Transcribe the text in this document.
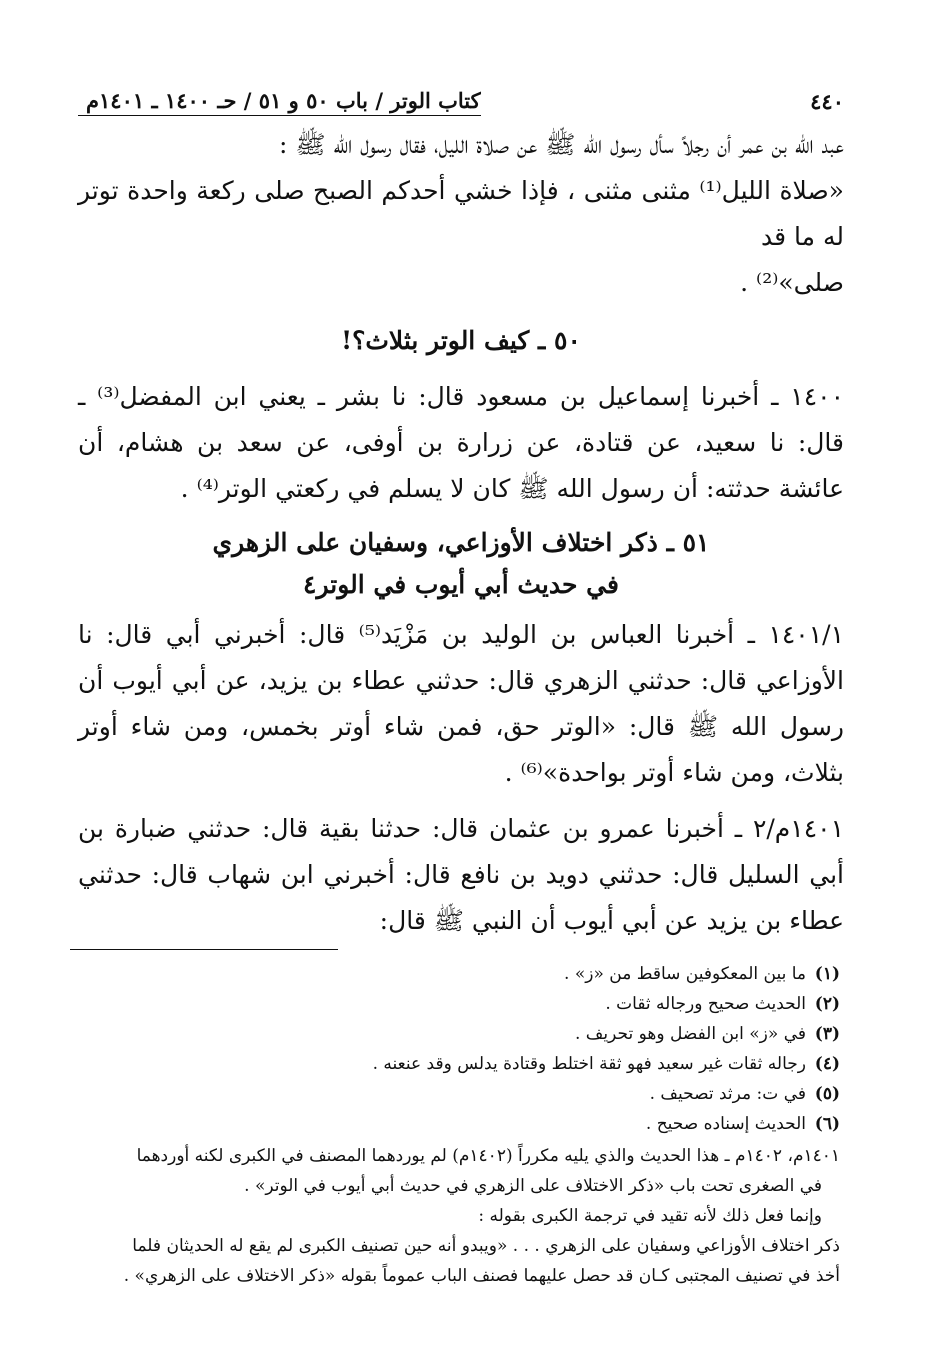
٤٤٠
كتاب الوتر / باب ٥٠ و ٥١ / حـ ١٤٠٠ ـ ١٤٠١م

عبد الله بن عمر أن رجلاً سأل رسول الله ﷺ عن صلاة الليل، فقال رسول الله ﷺ :

«صلاة الليل⁽¹⁾ مثنى مثنى ، فإذا خشي أحدكم الصبح صلى ركعة واحدة توتر له ما قد

صلى»⁽²⁾ .

٥٠ ـ كيف الوتر بثلاث؟!

١٤٠٠ ـ أخبرنا إسماعيل بن مسعود قال: نا بشر ـ يعني ابن المفضل⁽³⁾ ـ قال: نا سعيد، عن قتادة، عن زرارة بن أوفى، عن سعد بن هشام، أن عائشة حدثته: أن رسول الله ﷺ كان لا يسلم في ركعتي الوتر⁽⁴⁾ .

٥١ ـ ذكر اختلاف الأوزاعي، وسفيان على الزهري
في حديث أبي أيوب في الوتر٤

١٤٠١/١ ـ أخبرنا العباس بن الوليد بن مَزْيَد⁽⁵⁾ قال: أخبرني أبي قال: نا الأوزاعي قال: حدثني الزهري قال: حدثني عطاء بن يزيد، عن أبي أيوب أن رسول الله ﷺ قال: «الوتر حق، فمن شاء أوتر بخمس، ومن شاء أوتر بثلاث، ومن شاء أوتر بواحدة»⁽⁶⁾ .

١٤٠١م/٢ ـ أخبرنا عمرو بن عثمان قال: حدثنا بقية قال: حدثني ضبارة بن أبي السليل قال: حدثني دويد بن نافع قال: أخبرني ابن شهاب قال: حدثني عطاء بن يزيد عن أبي أيوب أن النبي ﷺ قال:

(١)ما بين المعكوفين ساقط من «ز» .

(٢)الحديث صحيح ورجاله ثقات .

(٣)في «ز» ابن الفضل وهو تحريف .

(٤)رجاله ثقات غير سعيد فهو ثقة اختلط وقتادة يدلس وقد عنعنه .

(٥)في ت: مرثد تصحيف .

(٦)الحديث إسناده صحيح .

١٤٠١م، ١٤٠٢م ـ هذا الحديث والذي يليه مكرراً (١٤٠٢م) لم يوردهما المصنف في الكبرى لكنه أوردهما

في الصغرى تحت باب «ذكر الاختلاف على الزهري في حديث أبي أيوب في الوتر» .

وإنما فعل ذلك لأنه تقيد في ترجمة الكبرى بقوله :

ذكر اختلاف الأوزاعي وسفيان على الزهري . . . «ويبدو أنه حين تصنيف الكبرى لم يقع له الحديثان فلما

أخذ في تصنيف المجتبى كـان قد حصل عليهما فصنف الباب عموماً بقوله «ذكر الاختلاف على الزهري» .
